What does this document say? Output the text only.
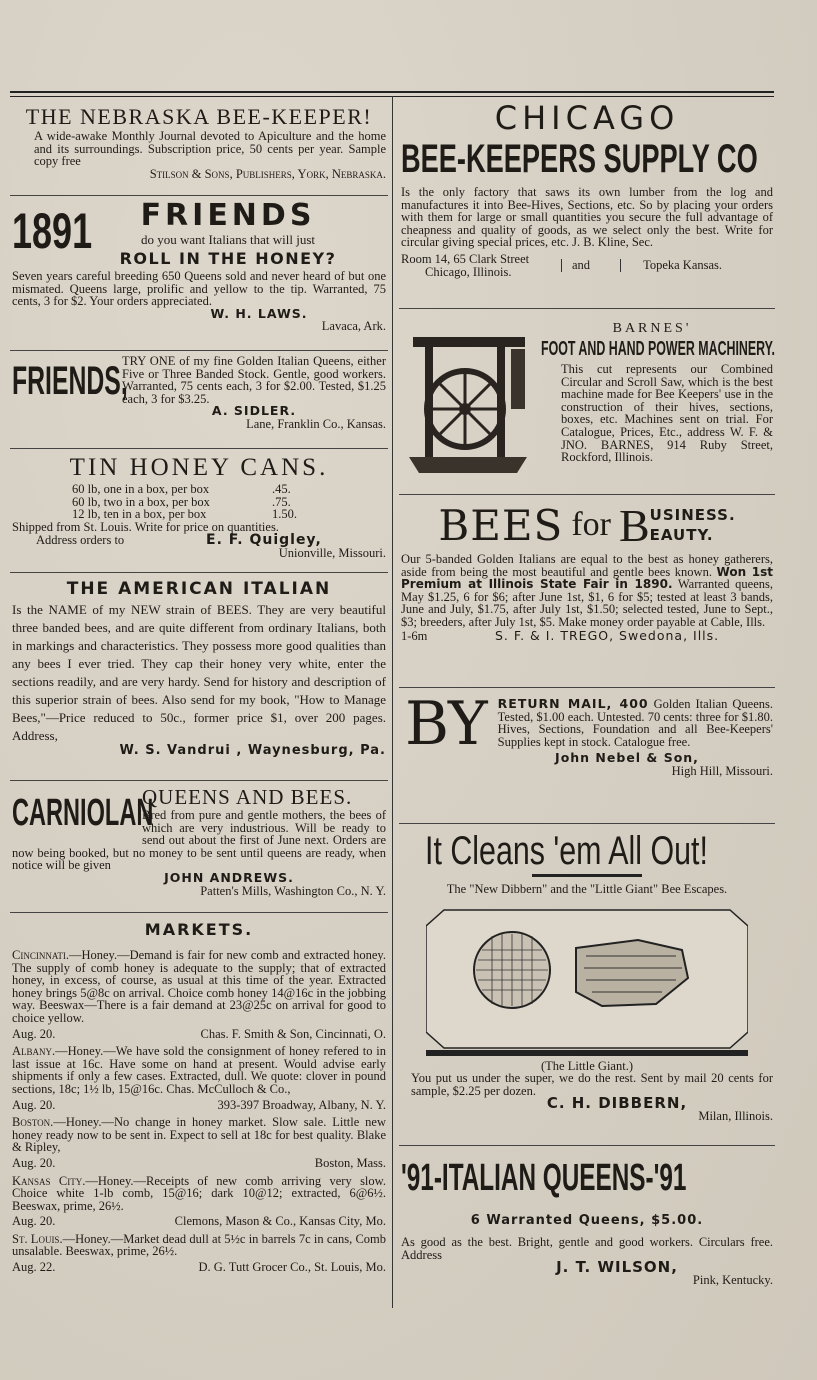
THE NEBRASKA BEE-KEEPER!

A wide-awake Monthly Journal devoted to Apiculture and the home and its surroundings. Subscription price, 50 cents per year. Sample copy free

Stilson & Sons, Publishers, York, Nebraska.

1891	FRIENDS
do you want Italians that will just
ROLL IN THE HONEY?

Seven years careful breeding 650 Queens sold and never heard of but one mismated. Queens large, prolific and yellow to the tip. Warranted, 75 cents, 3 for $2. Your orders appreciated.

W. H. LAWS.

Lavaca, Ark.

FRIENDS,

TRY ONE of my fine Golden Italian Queens, either Five or Three Banded Stock. Gentle, good workers. Warranted, 75 cents each, 3 for $2.00. Tested, $1.25 each, 3 for $3.25.

A. SIDLER.

Lane, Franklin Co., Kansas.

TIN HONEY CANS.
60 lb, one in a box, per box	.45.
60 lb, two in a box, per box	.75.
12 lb, ten in a box, per box	1.50.

Shipped from St. Louis. Write for price on quantities.

Address orders to	E. F. Quigley,

Unionville, Missouri.

THE AMERICAN ITALIAN

Is the NAME of my NEW strain of BEES. They are very beautiful three banded bees, and are quite different from ordinary Italians, both in markings and characteristics. They possess more good qualities than any bees I ever tried. They cap their honey very white, enter the sections readily, and are very hardy. Send for history and description of this superior strain of bees. Also send for my book, "How to Manage Bees,"—Price reduced to 50c., former price $1, over 200 pages. Address,

W. S. Vandrui , Waynesburg, Pa.

CARNIOLAN
QUEENS AND BEES.

Bred from pure and gentle mothers, the bees of which are very industrious. Will be ready to send out about the first of June next. Orders are now being booked, but no money to be sent until queens are ready, when notice will be given

JOHN ANDREWS.

Patten's Mills, Washington Co., N. Y.

MARKETS.

Cincinnati.—Honey.—Demand is fair for new comb and extracted honey. The supply of comb honey is adequate to the supply; that of extracted honey, in excess, of course, as usual at this time of the year. Extracted honey brings 5@8c on arrival. Choice comb honey 14@16c in the jobbing way. Beeswax—There is a fair demand at 23@25c on arrival for good to choice yellow.

Aug. 20.	Chas. F. Smith & Son, Cincinnati, O.

Albany.—Honey.—We have sold the consignment of honey refered to in last issue at 16c. Have some on hand at present. Would advise early shipments if only a few cases. Extracted, dull. We quote: clover in pound sections, 18c; 1½ lb, 15@16c. Chas. McCulloch & Co.,

Aug. 20.	393-397 Broadway, Albany, N. Y.

Boston.—Honey.—No change in honey market. Slow sale. Little new honey ready now to be sent in. Expect to sell at 18c for best quality. Blake & Ripley,

Aug. 20.	Boston, Mass.

Kansas City.—Honey.—Receipts of new comb arriving very slow. Choice white 1-lb comb, 15@16; dark 10@12; extracted, 6@6½. Beeswax, prime, 26½.

Aug. 20.	Clemons, Mason & Co., Kansas City, Mo.

St. Louis.—Honey.—Market dead dull at 5½c in barrels 7c in cans, Comb unsalable. Beeswax, prime, 26½.

Aug. 22.	D. G. Tutt Grocer Co., St. Louis, Mo.
CHICAGO
BEE-KEEPERS SUPPLY CO

Is the only factory that saws its own lumber from the log and manufactures it into Bee-Hives, Sections, etc. So by placing your orders with them for large or small quantities you secure the full advantage of cheapness and quality of goods, as we select only the best. Write for circular giving special prices, etc. J. B. Kline, Sec.

Room 14, 65 Clark Street
Chicago, Illinois.	and	Topeka Kansas.
BARNES'
FOOT AND HAND POWER MACHINERY.

This cut represents our Combined Circular and Scroll Saw, which is the best machine made for Bee Keepers' use in the construction of their hives, sections, boxes, etc. Machines sent on trial. For Catalogue, Prices, Etc., address W. F. & JNO. BARNES, 914 Ruby Street, Rockford, Illinois.

BEES for B USINESS.
EAUTY.

Our 5-banded Golden Italians are equal to the best as honey gatherers, aside from being the most beautiful and gentle bees known. Won 1st Premium at Illinois State Fair in 1890. Warranted queens, May $1.25, 6 for $6; after June 1st, $1, 6 for $5; tested at least 3 bands, June and July, $1.75, after July 1st, $1.50; selected tested, June to Sept., $3; breeders, after July 1st, $5. Make money order payable at Cable, Ills.

1-6m	S. F. & I. TREGO, Swedona, Ills.
BY RETURN MAIL, 400 Golden Italian Queens. Tested, $1.00 each. Untested. 70 cents: three for $1.80. Hives, Sections, Foundation and all Bee-Keepers' Supplies kept in stock. Catalogue free.

John Nebel & Son,

High Hill, Missouri.

It Cleans 'em All Out!

The "New Dibbern" and the "Little Giant" Bee Escapes.

(The Little Giant.)

You put us under the super, we do the rest. Sent by mail 20 cents for sample, $2.25 per dozen.

C. H. DIBBERN,

Milan, Illinois.

'91-ITALIAN QUEENS-'91
6 Warranted Queens, $5.00.

As good as the best. Bright, gentle and good workers. Circulars free. Address

J. T. WILSON,

Pink, Kentucky.
